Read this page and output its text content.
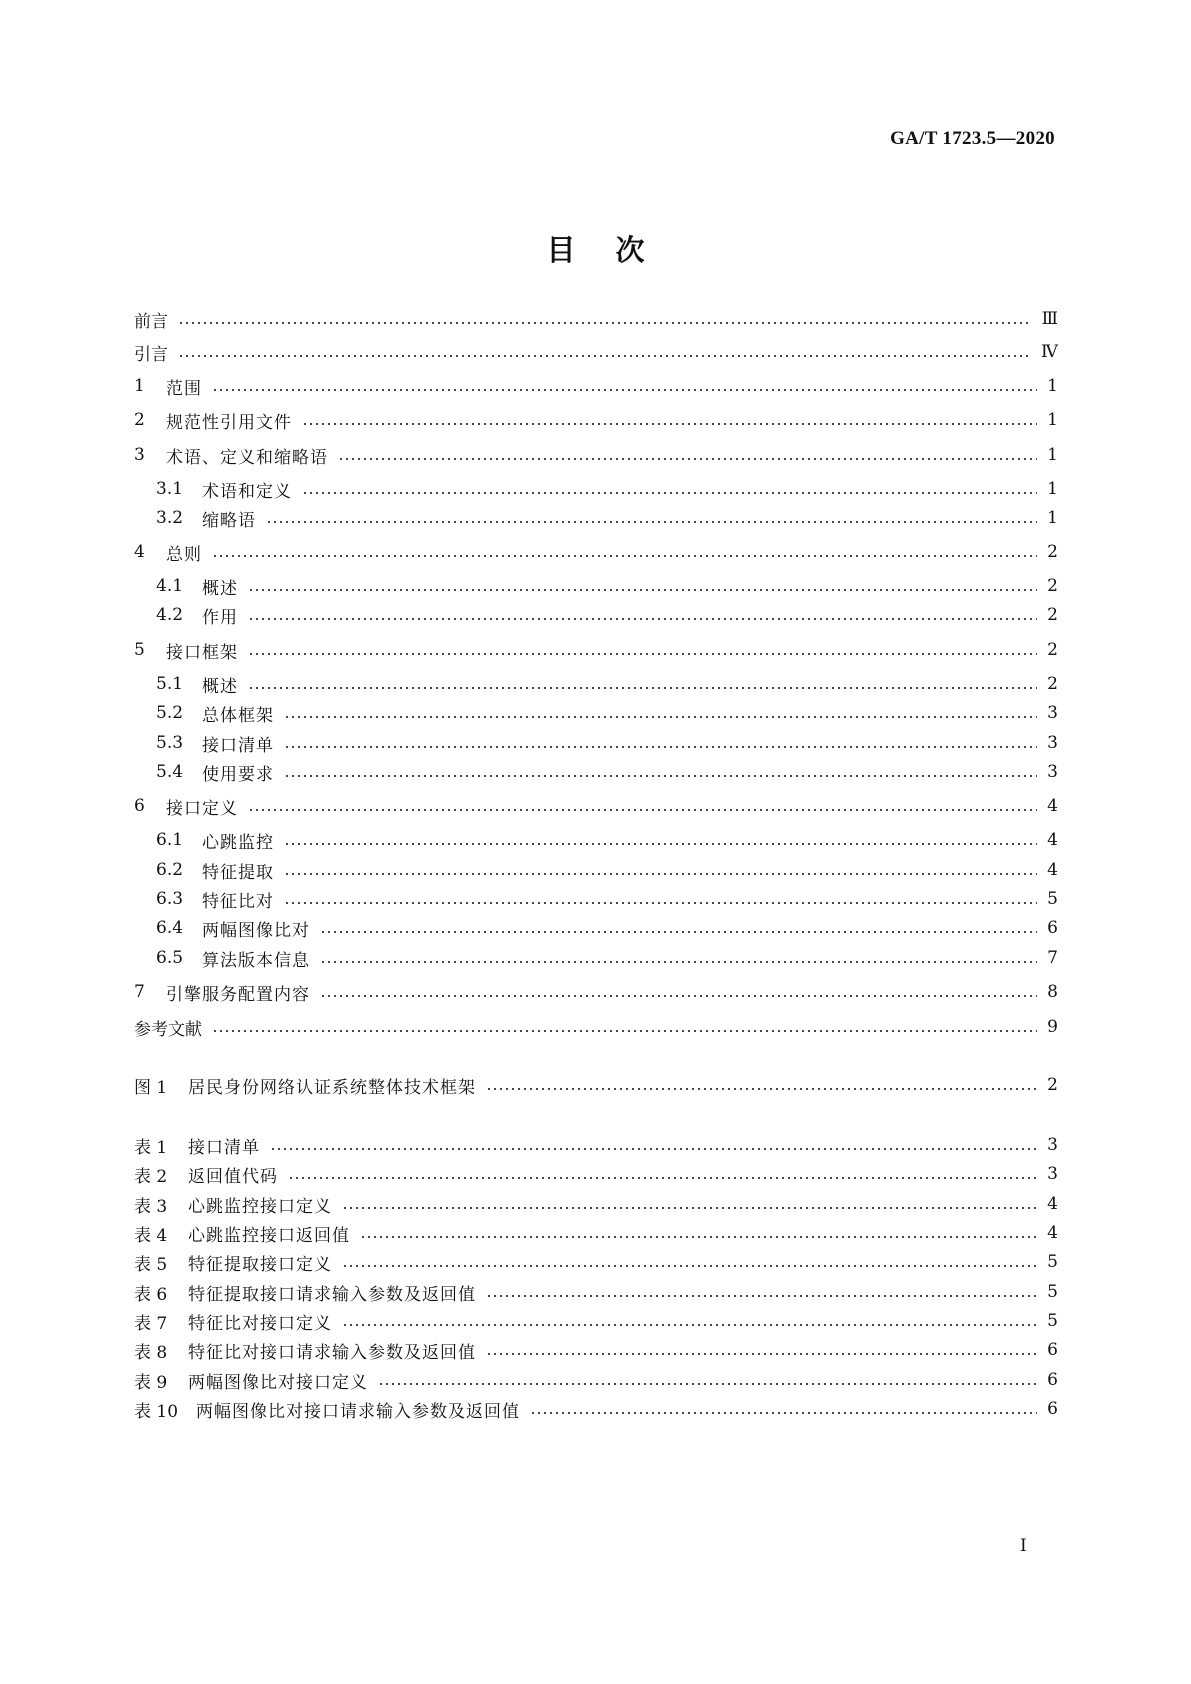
GA/T 1723.5—2020
目次
前言	Ⅲ
引言	Ⅳ
1	范围	1
2	规范性引用文件	1
3	术语、定义和缩略语	1
3.1	术语和定义	1
3.2	缩略语	1
4	总则	2
4.1	概述	2
4.2	作用	2
5	接口框架	2
5.1	概述	2
5.2	总体框架	3
5.3	接口清单	3
5.4	使用要求	3
6	接口定义	4
6.1	心跳监控	4
6.2	特征提取	4
6.3	特征比对	5
6.4	两幅图像比对	6
6.5	算法版本信息	7
7	引擎服务配置内容	8
参考文献	9
图 1	居民身份网络认证系统整体技术框架	2
表 1	接口清单	3
表 2	返回值代码	3
表 3	心跳监控接口定义	4
表 4	心跳监控接口返回值	4
表 5	特征提取接口定义	5
表 6	特征提取接口请求输入参数及返回值	5
表 7	特征比对接口定义	5
表 8	特征比对接口请求输入参数及返回值	6
表 9	两幅图像比对接口定义	6
表 10	两幅图像比对接口请求输入参数及返回值	6
I
